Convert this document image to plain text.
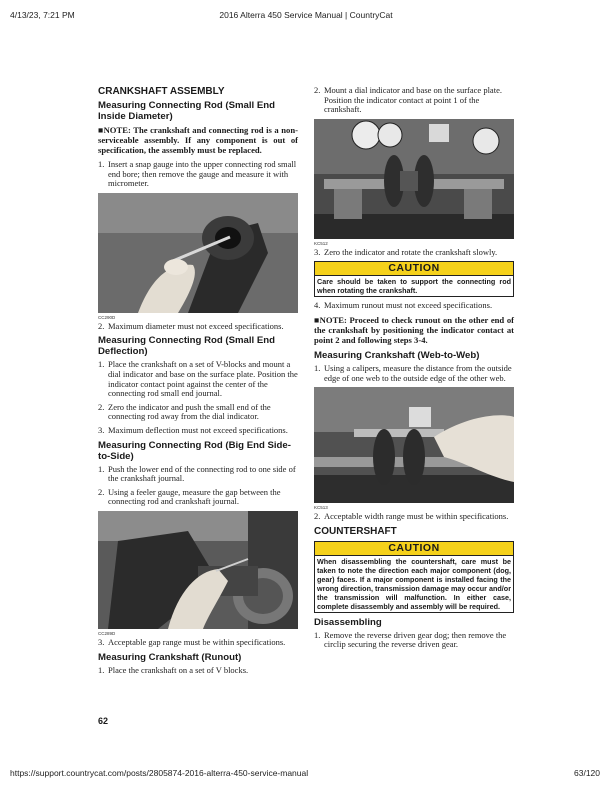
4/13/23, 7:21 PM	2016 Alterra 450 Service Manual | CountryCat
https://support.countrycat.com/posts/2805874-2016-alterra-450-service-manual	63/120
CRANKSHAFT ASSEMBLY
Measuring Connecting Rod (Small End Inside Diameter)
■NOTE: The crankshaft and connecting rod is a non-serviceable assembly. If any component is out of specification, the assembly must be replaced.
1. Insert a snap gauge into the upper connecting rod small end bore; then remove the gauge and measure it with micrometer.
CC290D
2. Maximum diameter must not exceed specifications.
Measuring Connecting Rod (Small End Deflection)
1. Place the crankshaft on a set of V-blocks and mount a dial indicator and base on the surface plate. Position the indicator contact point against the center of the connecting rod small end journal.
2. Zero the indicator and push the small end of the connecting rod away from the dial indicator.
3. Maximum deflection must not exceed specifications.
Measuring Connecting Rod (Big End Side-to-Side)
1. Push the lower end of the connecting rod to one side of the crankshaft journal.
2. Using a feeler gauge, measure the gap between the connecting rod and crankshaft journal.
CC289D
3. Acceptable gap range must be within specifications.
Measuring Crankshaft (Runout)
1. Place the crankshaft on a set of V blocks.
2. Mount a dial indicator and base on the surface plate. Position the indicator contact at point 1 of the crankshaft.
KC512
3. Zero the indicator and rotate the crankshaft slowly.
CAUTION
Care should be taken to support the connecting rod when rotating the crankshaft.
4. Maximum runout must not exceed specifications.
■NOTE: Proceed to check runout on the other end of the crankshaft by positioning the indicator contact at point 2 and following steps 3-4.
Measuring Crankshaft (Web-to-Web)
1. Using a calipers, measure the distance from the outside edge of one web to the outside edge of the other web.
KC513
2. Acceptable width range must be within specifications.
COUNTERSHAFT
CAUTION
When disassembling the countershaft, care must be taken to note the direction each major component (dog, gear) faces. If a major component is installed facing the wrong direction, transmission damage may occur and/or the transmission will malfunction. In either case, complete disassembly and assembly will be required.
Disassembling
1. Remove the reverse driven gear dog; then remove the circlip securing the reverse driven gear.
62
